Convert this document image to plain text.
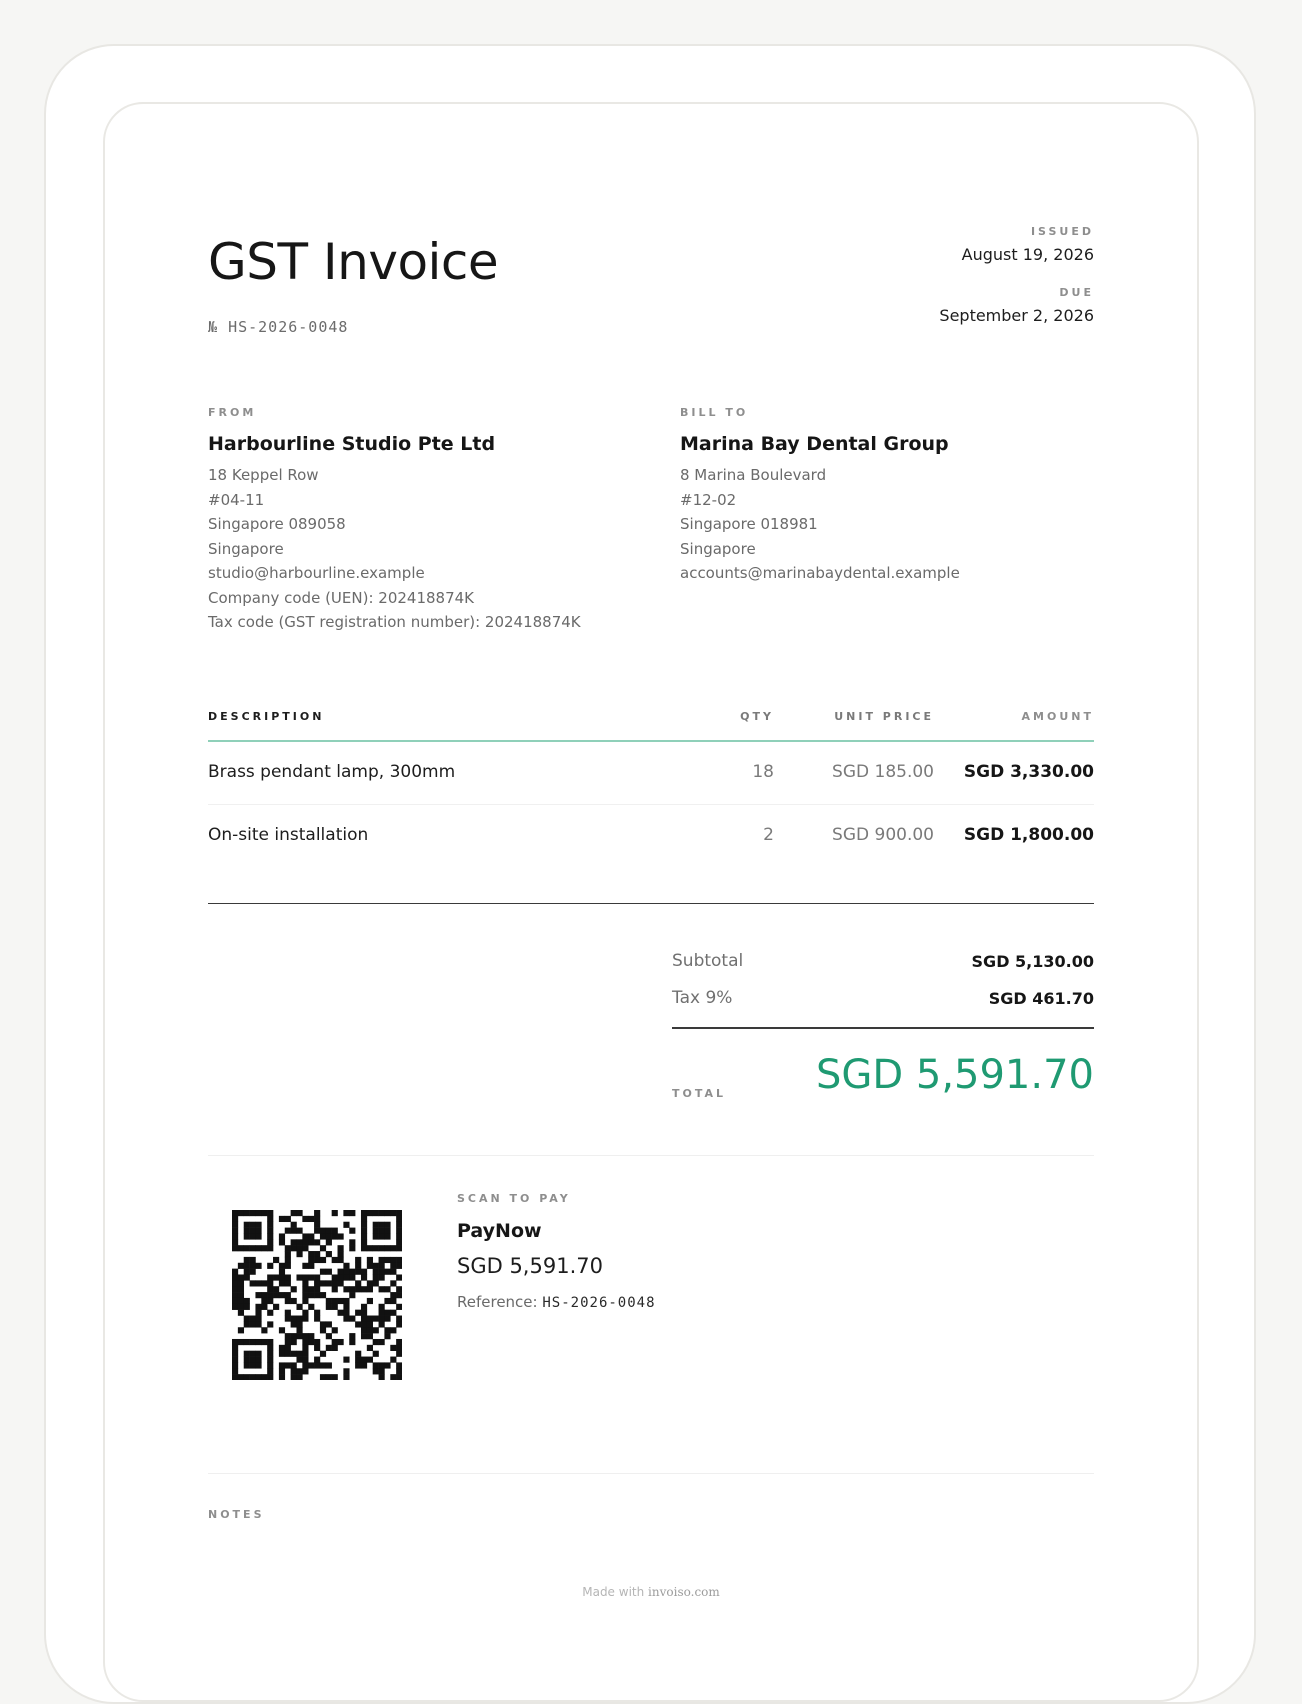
GST Invoice
№ HS-2026-0048
ISSUED
August 19, 2026
DUE
September 2, 2026
FROM
Harbourline Studio Pte Ltd
18 Keppel Row
#04-11
Singapore 089058
Singapore
studio@harbourline.example
Company code (UEN): 202418874K
Tax code (GST registration number): 202418874K
BILL TO
Marina Bay Dental Group
8 Marina Boulevard
#12-02
Singapore 018981
Singapore
accounts@marinabaydental.example
DESCRIPTION	QTY	UNIT PRICE	AMOUNT
Brass pendant lamp, 300mm	18	SGD 185.00	SGD 3,330.00
On-site installation	2	SGD 900.00	SGD 1,800.00
Subtotal	SGD 5,130.00
Tax 9%	SGD 461.70
TOTAL SGD 5,591.70
SCAN TO PAY
PayNow
SGD 5,591.70
Reference: HS-2026-0048
NOTES
Made with invoiso.com
